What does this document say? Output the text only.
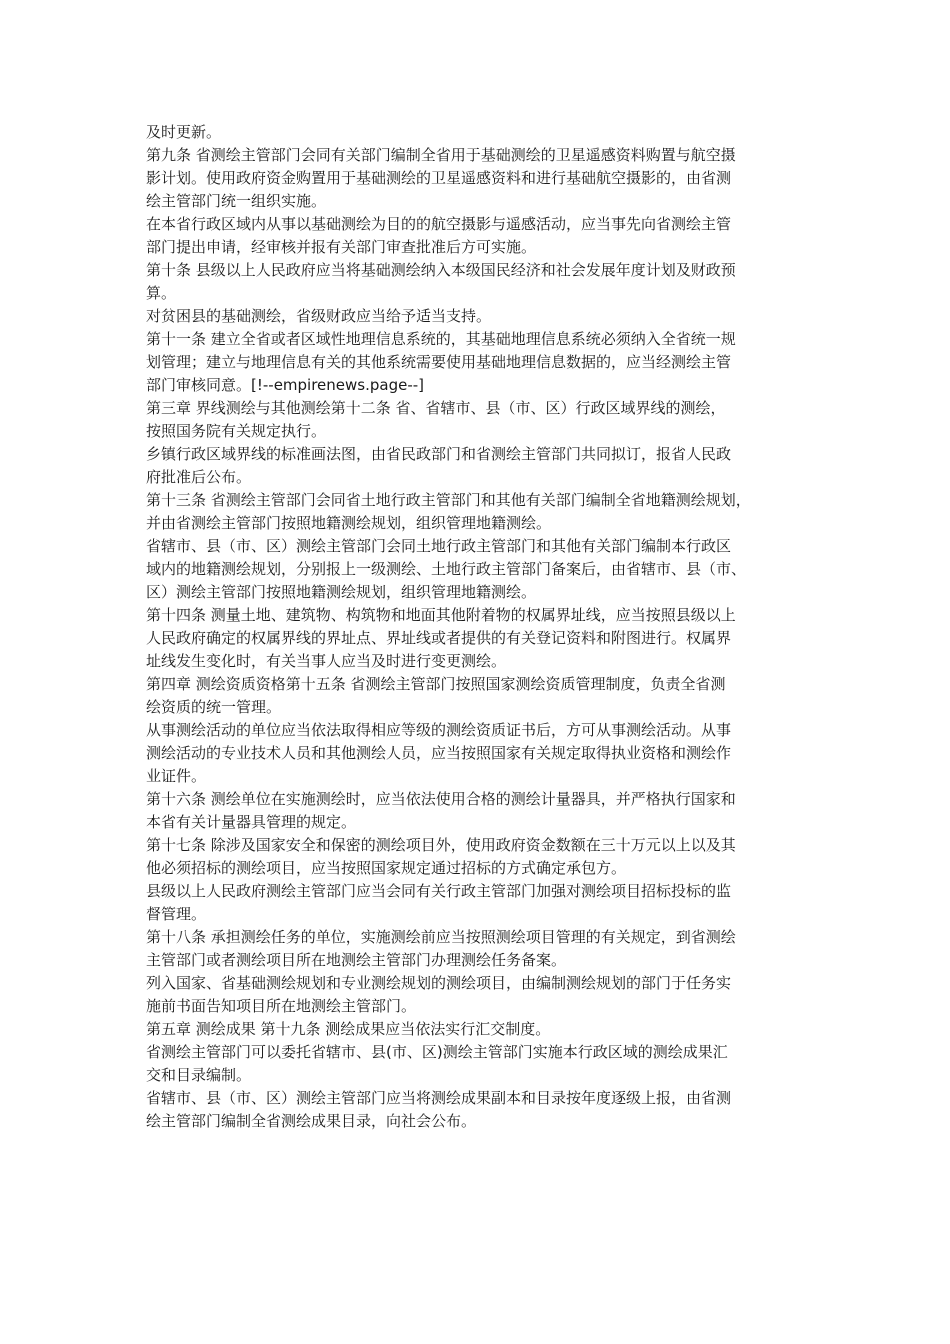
及时更新。

第九条 省测绘主管部门会同有关部门编制全省用于基础测绘的卫星遥感资料购置与航空摄
影计划。使用政府资金购置用于基础测绘的卫星遥感资料和进行基础航空摄影的，由省测
绘主管部门统一组织实施。

在本省行政区域内从事以基础测绘为目的的航空摄影与遥感活动，应当事先向省测绘主管
部门提出申请，经审核并报有关部门审查批准后方可实施。

第十条 县级以上人民政府应当将基础测绘纳入本级国民经济和社会发展年度计划及财政预
算。

对贫困县的基础测绘，省级财政应当给予适当支持。

第十一条 建立全省或者区域性地理信息系统的，其基础地理信息系统必须纳入全省统一规
划管理；建立与地理信息有关的其他系统需要使用基础地理信息数据的，应当经测绘主管
部门审核同意。[!--empirenews.page--]

第三章 界线测绘与其他测绘第十二条 省、省辖市、县（市、区）行政区域界线的测绘，
按照国务院有关规定执行。

乡镇行政区域界线的标准画法图，由省民政部门和省测绘主管部门共同拟订，报省人民政
府批准后公布。

第十三条 省测绘主管部门会同省土地行政主管部门和其他有关部门编制全省地籍测绘规划，
并由省测绘主管部门按照地籍测绘规划，组织管理地籍测绘。

省辖市、县（市、区）测绘主管部门会同土地行政主管部门和其他有关部门编制本行政区
域内的地籍测绘规划，分别报上一级测绘、土地行政主管部门备案后，由省辖市、县（市、
区）测绘主管部门按照地籍测绘规划，组织管理地籍测绘。

第十四条 测量土地、建筑物、构筑物和地面其他附着物的权属界址线，应当按照县级以上
人民政府确定的权属界线的界址点、界址线或者提供的有关登记资料和附图进行。权属界
址线发生变化时，有关当事人应当及时进行变更测绘。

第四章 测绘资质资格第十五条 省测绘主管部门按照国家测绘资质管理制度，负责全省测
绘资质的统一管理。

从事测绘活动的单位应当依法取得相应等级的测绘资质证书后，方可从事测绘活动。从事
测绘活动的专业技术人员和其他测绘人员，应当按照国家有关规定取得执业资格和测绘作
业证件。

第十六条 测绘单位在实施测绘时，应当依法使用合格的测绘计量器具，并严格执行国家和
本省有关计量器具管理的规定。

第十七条 除涉及国家安全和保密的测绘项目外，使用政府资金数额在三十万元以上以及其
他必须招标的测绘项目，应当按照国家规定通过招标的方式确定承包方。

县级以上人民政府测绘主管部门应当会同有关行政主管部门加强对测绘项目招标投标的监
督管理。

第十八条 承担测绘任务的单位，实施测绘前应当按照测绘项目管理的有关规定，到省测绘
主管部门或者测绘项目所在地测绘主管部门办理测绘任务备案。

列入国家、省基础测绘规划和专业测绘规划的测绘项目，由编制测绘规划的部门于任务实
施前书面告知项目所在地测绘主管部门。

第五章 测绘成果 第十九条 测绘成果应当依法实行汇交制度。

省测绘主管部门可以委托省辖市、县(市、区)测绘主管部门实施本行政区域的测绘成果汇
交和目录编制。

省辖市、县（市、区）测绘主管部门应当将测绘成果副本和目录按年度逐级上报，由省测
绘主管部门编制全省测绘成果目录，向社会公布。
